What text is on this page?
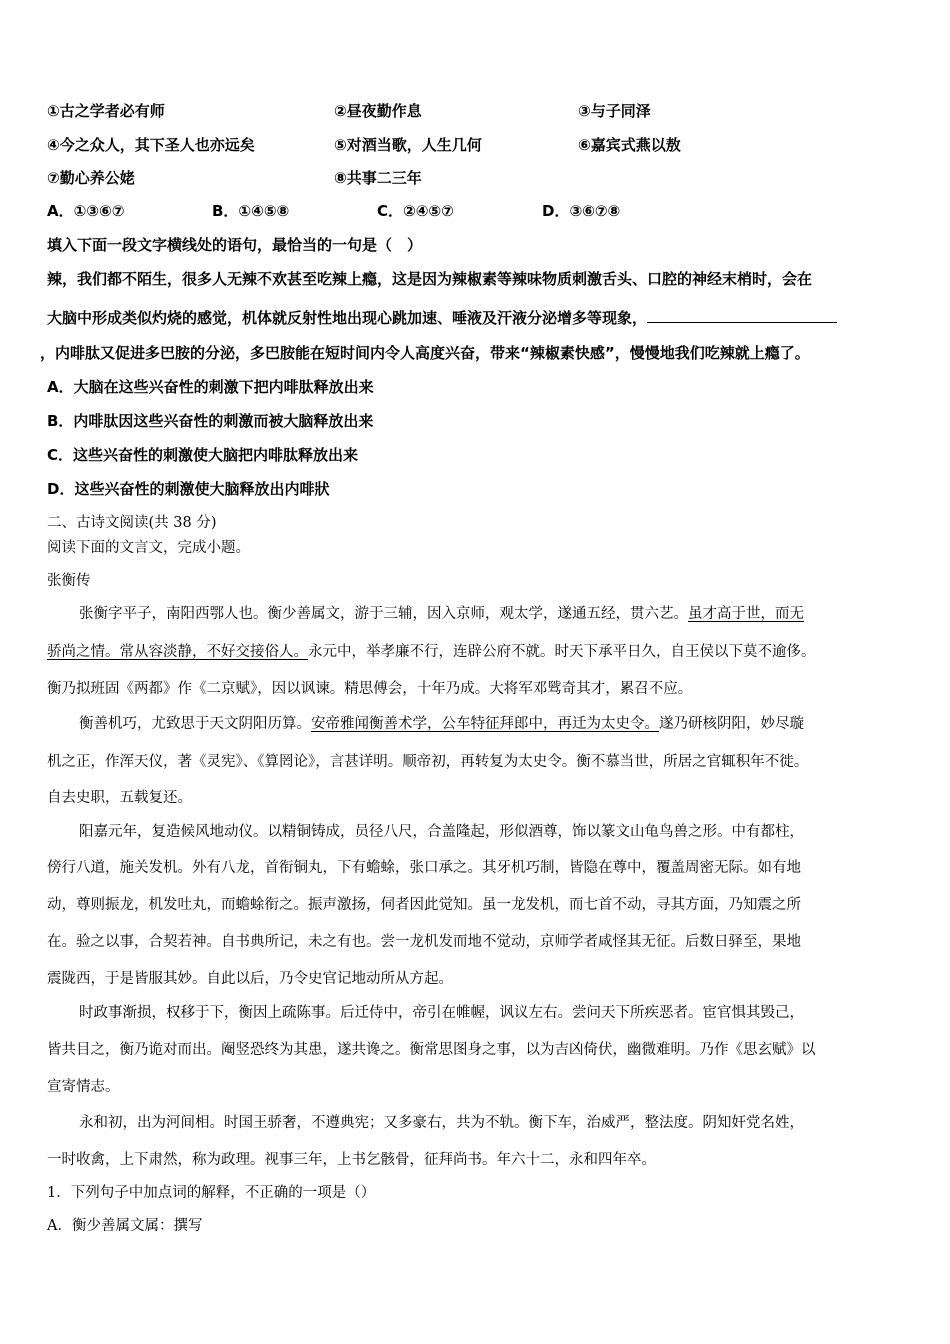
①古之学者必有师	②昼夜勤作息	③与子同泽
④今之众人，其下圣人也亦远矣	⑤对酒当歌，人生几何	⑥嘉宾式燕以敖
⑦勤心养公姥	⑧共事二三年
A．①③⑥⑦	B．①④⑤⑧	C．②④⑤⑦	D．③⑥⑦⑧
填入下面一段文字横线处的语句，最恰当的一句是（　）
辣，我们都不陌生，很多人无辣不欢甚至吃辣上瘾，这是因为辣椒素等辣味物质刺激舌头、口腔的神经末梢时，会在
大脑中形成类似灼烧的感觉，机体就反射性地出现心跳加速、唾液及汗液分泌增多等现象，
，内啡肽又促进多巴胺的分泌，多巴胺能在短时间内令人高度兴奋，带来“辣椒素快感”，慢慢地我们吃辣就上瘾了。
A．大脑在这些兴奋性的刺激下把内啡肽释放出来
B．内啡肽因这些兴奋性的刺激而被大脑释放出来
C．这些兴奋性的刺激使大脑把内啡肽释放出来
D．这些兴奋性的刺激使大脑释放出内啡狀
二、古诗文阅读(共 38 分)
阅读下面的文言文，完成小题。
张衡传
张衡字平子，南阳西鄂人也。衡少善属文，游于三辅，因入京师，观太学，遂通五经，贯六艺。虽才高于世，而无
骄尚之情。常从容淡静，不好交接俗人。永元中，举孝廉不行，连辟公府不就。时天下承平日久，自王侯以下莫不逾侈。
衡乃拟班固《两都》作《二京赋》，因以讽谏。精思傅会，十年乃成。大将军邓骘奇其才，累召不应。
衡善机巧，尤致思于天文阴阳历算。安帝雅闻衡善术学，公车特征拜郎中，再迁为太史令。遂乃研核阴阳，妙尽璇
机之正，作浑天仪，著《灵宪》、《算罔论》，言甚详明。顺帝初，再转复为太史令。衡不慕当世，所居之官辄积年不徙。
自去史职，五载复还。
阳嘉元年，复造候风地动仪。以精铜铸成，员径八尺，合盖隆起，形似酒尊，饰以篆文山龟鸟兽之形。中有都柱，
傍行八道，施关发机。外有八龙，首衔铜丸，下有蟾蜍，张口承之。其牙机巧制，皆隐在尊中，覆盖周密无际。如有地
动，尊则振龙，机发吐丸，而蟾蜍衔之。振声激扬，伺者因此觉知。虽一龙发机，而七首不动，寻其方面，乃知震之所
在。验之以事，合契若神。自书典所记，未之有也。尝一龙机发而地不觉动，京师学者咸怪其无征。后数日驿至，果地
震陇西，于是皆服其妙。自此以后，乃令史官记地动所从方起。
时政事渐损，权移于下，衡因上疏陈事。后迁侍中，帝引在帷幄，讽议左右。尝问天下所疾恶者。宦官惧其毁己，
皆共目之，衡乃诡对而出。阉竖恐终为其患，遂共谗之。衡常思图身之事，以为吉凶倚伏，幽微难明。乃作《思玄赋》以
宣寄情志。
永和初，出为河间相。时国王骄奢，不遵典宪；又多豪右，共为不轨。衡下车，治威严，整法度。阴知奸党名姓，
一时收禽，上下肃然，称为政理。视事三年，上书乞骸骨，征拜尚书。年六十二，永和四年卒。
1．下列句子中加点词的解释，不正确的一项是（）
A．衡少善属文属：撰写
